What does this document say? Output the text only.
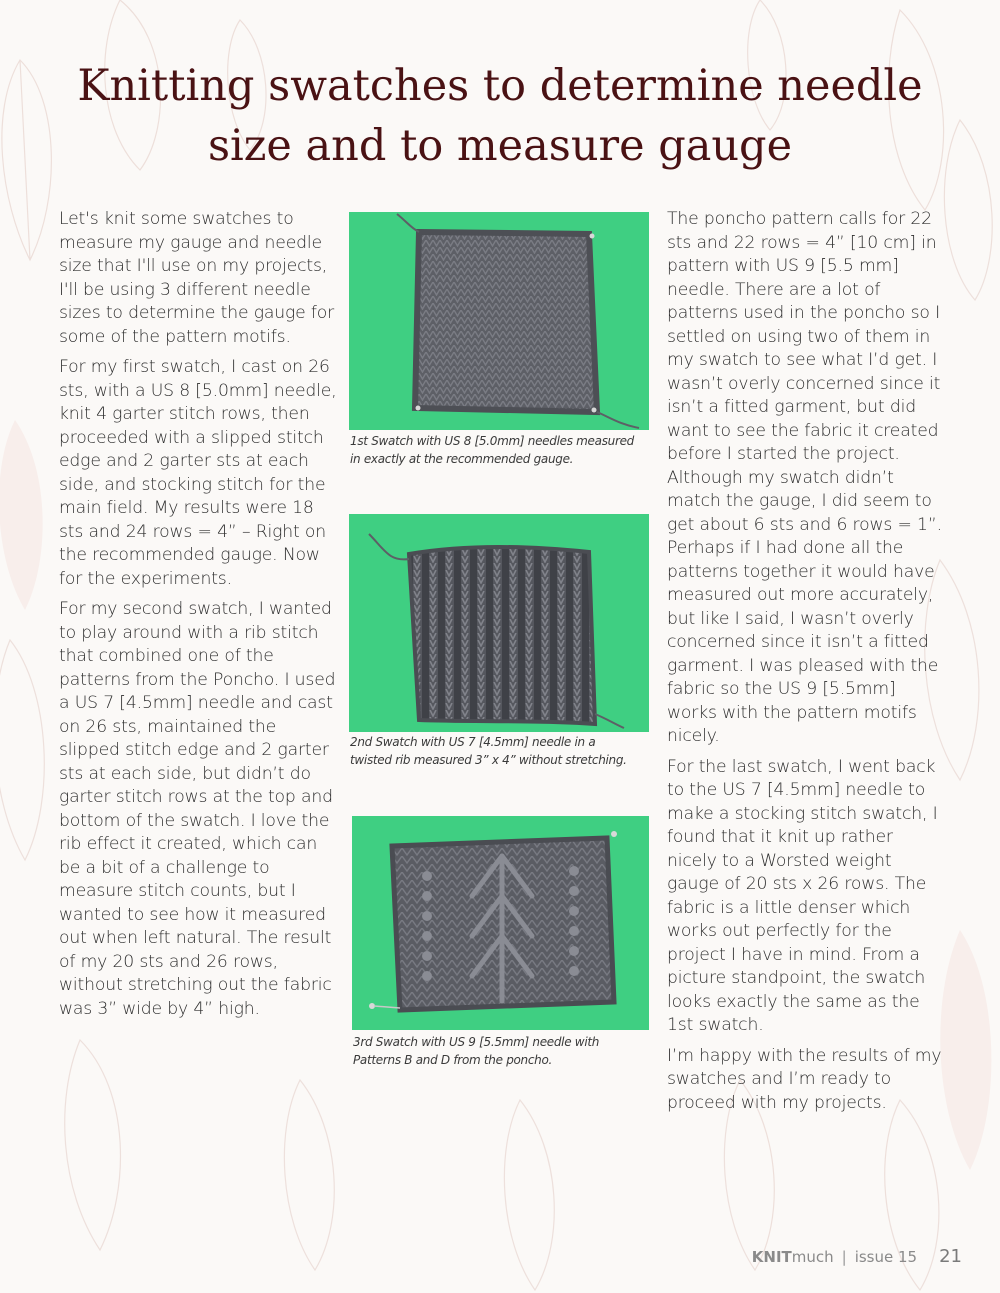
Knitting swatches to determine needle size and to measure gauge

Let's knit some swatches to measure my gauge and needle size that I'll use on my projects, I'll be using 3 different needle sizes to determine the gauge for some of the pattern motifs.

For my first swatch, I cast on 26 sts, with a US 8 [5.0mm] needle, knit 4 garter stitch rows, then proceeded with a slipped stitch edge and 2 garter sts at each side, and stocking stitch for the main field. My results were 18 sts and 24 rows = 4” – Right on the recommended gauge. Now for the experiments.

For my second swatch, I wanted to play around with a rib stitch that combined one of the patterns from the Poncho. I used a US 7 [4.5mm] needle and cast on 26 sts, maintained the slipped stitch edge and 2 garter sts at each side, but didn’t do garter stitch rows at the top and bottom of the swatch. I love the rib effect it created, which can be a bit of a challenge to measure stitch counts, but I wanted to see how it measured out when left natural. The result of my 20 sts and 26 rows, without stretching out the fabric was 3” wide by 4” high.

1st Swatch with US 8 [5.0mm] needles measured
in exactly at the recommended gauge.
2nd Swatch with US 7 [4.5mm] needle in a
twisted rib measured 3” x 4” without stretching.
3rd Swatch with US 9 [5.5mm] needle with
Patterns B and D from the poncho.

The poncho pattern calls for 22 sts and 22 rows = 4” [10 cm] in pattern with US 9 [5.5 mm] needle. There are a lot of patterns used in the poncho so I settled on using two of them in my swatch to see what I’d get. I wasn’t overly concerned since it isn’t a fitted garment, but did want to see the fabric it created before I started the project. Although my swatch didn’t match the gauge, I did seem to get about 6 sts and 6 rows = 1”. Perhaps if I had done all the patterns together it would have measured out more accurately, but like I said, I wasn’t overly concerned since it isn’t a fitted garment. I was pleased with the fabric so the US 9 [5.5mm] works with the pattern motifs nicely.

For the last swatch, I went back to the US 7 [4.5mm] needle to make a stocking stitch swatch, I found that it knit up rather nicely to a Worsted weight gauge of 20 sts x 26 rows. The fabric is a little denser which works out perfectly for the project I have in mind. From a picture standpoint, the swatch looks exactly the same as the 1st swatch.

I’m happy with the results of my swatches and I’m ready to proceed with my projects.

KNITmuch | issue 15 21
